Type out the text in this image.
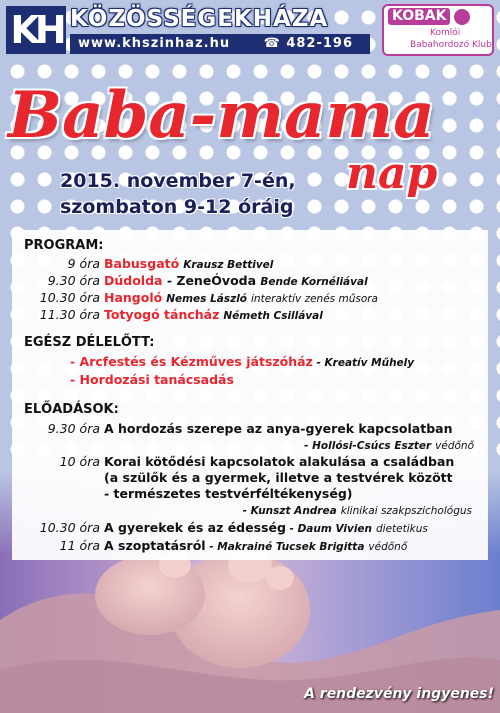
KH KÖZÖSSÉGEKHÁZA
www.khszinhaz.hu	☎ 482-196
KOBAK
Komlói
Babahordozó Klub
Baba-mama
nap
2015. november 7-én,
szombaton 9-12 óráig
PROGRAM:
9 óra Babusgató Krausz Bettivel
9.30 óra Dúdolda - ZeneÓvoda Bende Kornéliával
10.30 óra Hangoló Nemes László interaktív zenés műsora
11.30 óra Totyogó táncház Németh Csillával
EGÉSZ DÉLELŐTT:
- Arcfestés és Kézműves játszóház - Kreatív Műhely
- Hordozási tanácsadás
ELŐADÁSOK:
9.30 óra A hordozás szerepe az anya-gyerek kapcsolatban
- Hollósi-Csúcs Eszter védőnő
10 óra Korai kötődési kapcsolatok alakulása a családban
(a szülők és a gyermek, illetve a testvérek között
- természetes testvérféltékenység)
- Kunszt Andrea klinikai szakpszichológus
10.30 óra A gyerekek és az édesség - Daum Vivien dietetikus
11 óra A szoptatásról - Makrainé Tucsek Brigitta védőnő
A rendezvény ingyenes!
